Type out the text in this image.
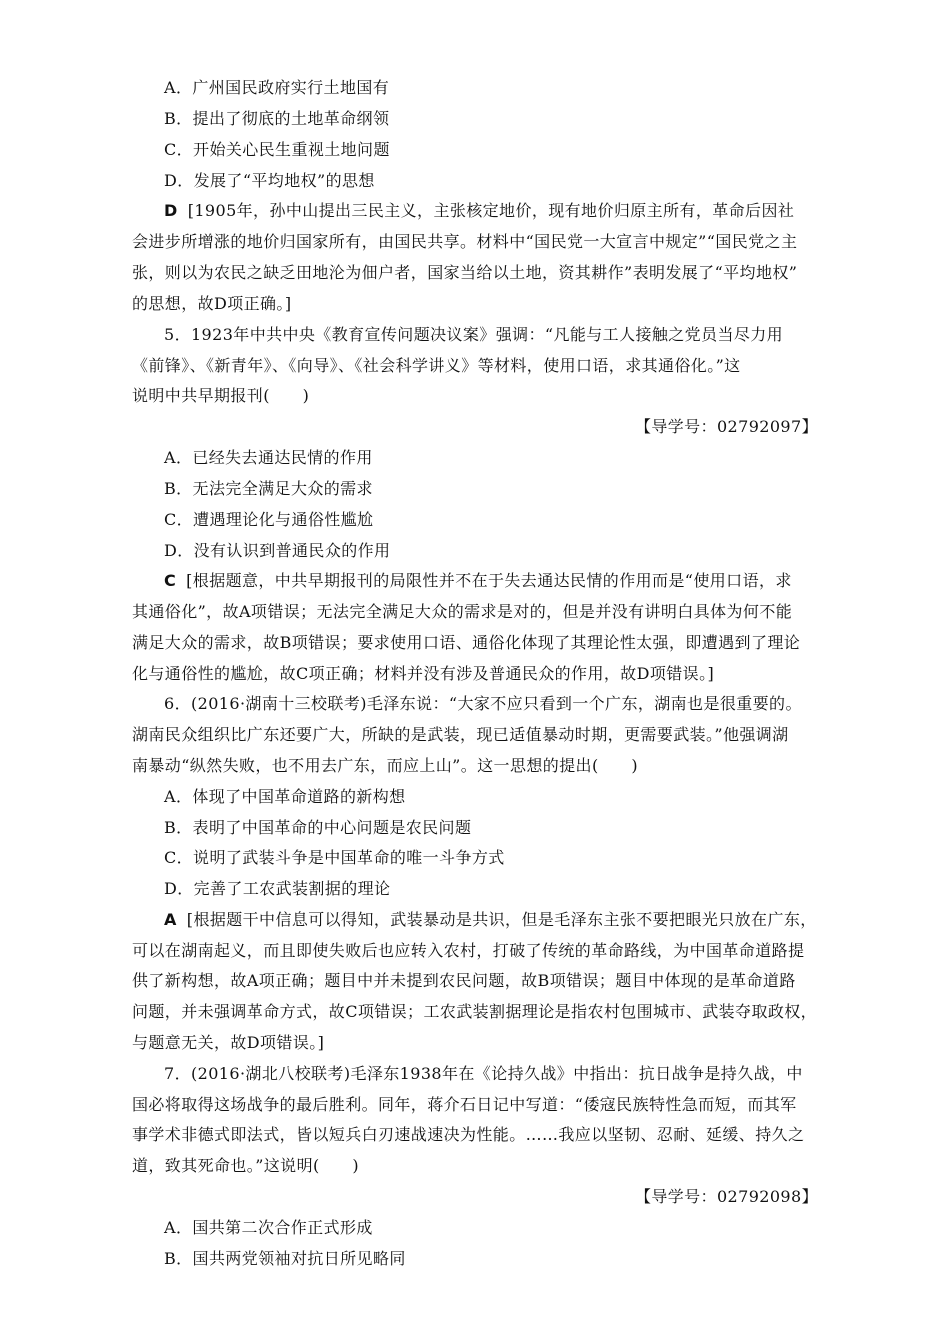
A．广州国民政府实行土地国有
B．提出了彻底的土地革命纲领
C．开始关心民生重视土地问题
D．发展了“平均地权”的思想
D [1905年，孙中山提出三民主义，主张核定地价，现有地价归原主所有，革命后因社
会进步所增涨的地价归国家所有，由国民共享。材料中“国民党一大宣言中规定”“国民党之主
张，则以为农民之缺乏田地沦为佃户者，国家当给以土地，资其耕作”表明发展了“平均地权”
的思想，故D项正确。]
5．1923年中共中央《教育宣传问题决议案》强调：“凡能与工人接触之党员当尽力用
《前锋》、《新青年》、《向导》、《社会科学讲义》等材料，使用口语，求其通俗化。”这
说明中共早期报刊(　　)
【导学号：02792097】
A．已经失去通达民情的作用
B．无法完全满足大众的需求
C．遭遇理论化与通俗性尴尬
D．没有认识到普通民众的作用
C [根据题意，中共早期报刊的局限性并不在于失去通达民情的作用而是“使用口语，求
其通俗化”，故A项错误；无法完全满足大众的需求是对的，但是并没有讲明白具体为何不能
满足大众的需求，故B项错误；要求使用口语、通俗化体现了其理论性太强，即遭遇到了理论
化与通俗性的尴尬，故C项正确；材料并没有涉及普通民众的作用，故D项错误。]
6．(2016·湖南十三校联考)毛泽东说：“大家不应只看到一个广东，湖南也是很重要的。
湖南民众组织比广东还要广大，所缺的是武装，现已适值暴动时期，更需要武装。”他强调湖
南暴动“纵然失败，也不用去广东，而应上山”。这一思想的提出(　　)
A．体现了中国革命道路的新构想
B．表明了中国革命的中心问题是农民问题
C．说明了武装斗争是中国革命的唯一斗争方式
D．完善了工农武装割据的理论
A [根据题干中信息可以得知，武装暴动是共识，但是毛泽东主张不要把眼光只放在广东，
可以在湖南起义，而且即使失败后也应转入农村，打破了传统的革命路线，为中国革命道路提
供了新构想，故A项正确；题目中并未提到农民问题，故B项错误；题目中体现的是革命道路
问题，并未强调革命方式，故C项错误；工农武装割据理论是指农村包围城市、武装夺取政权，
与题意无关，故D项错误。]
7．(2016·湖北八校联考)毛泽东1938年在《论持久战》中指出：抗日战争是持久战，中
国必将取得这场战争的最后胜利。同年，蒋介石日记中写道：“倭寇民族特性急而短，而其军
事学术非德式即法式，皆以短兵白刃速战速决为性能。……我应以坚韧、忍耐、延缓、持久之
道，致其死命也。”这说明(　　)
【导学号：02792098】
A．国共第二次合作正式形成
B．国共两党领袖对抗日所见略同
